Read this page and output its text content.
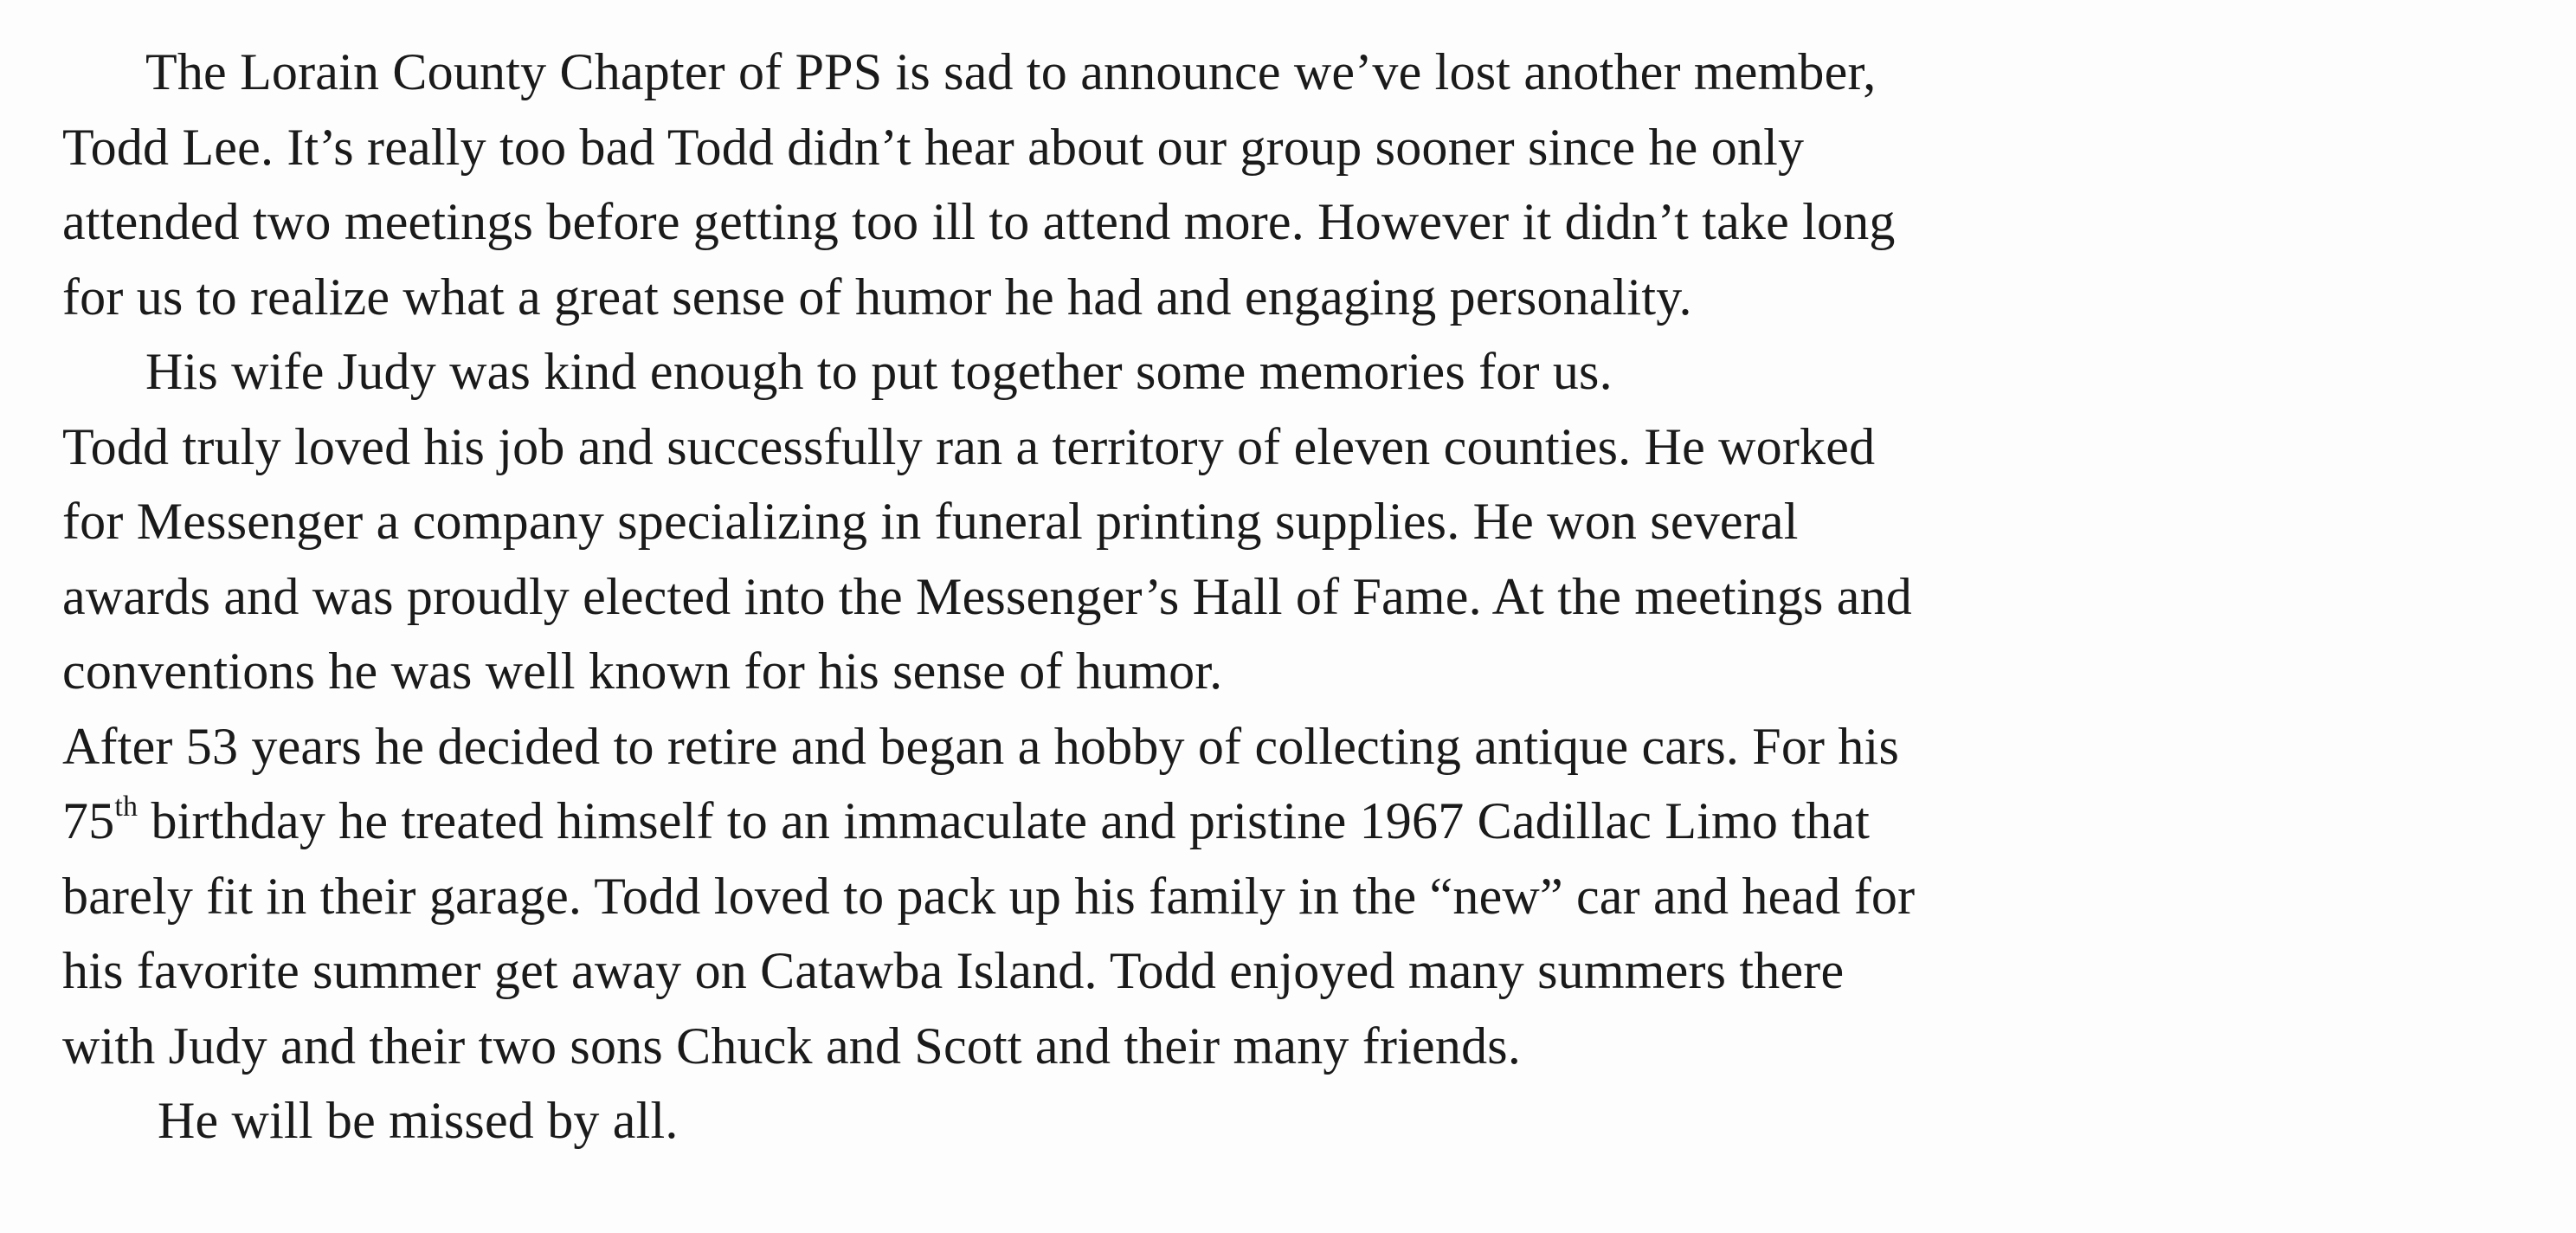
The Lorain County Chapter of PPS is sad to announce we’ve lost another member,
Todd Lee. It’s really too bad Todd didn’t hear about our group sooner since he only
attended two meetings before getting too ill to attend more. However it didn’t take long
for us to realize what a great sense of humor he had and engaging personality.
His wife Judy was kind enough to put together some memories for us.
Todd truly loved his job and successfully ran a territory of eleven counties. He worked
for Messenger a company specializing in funeral printing supplies. He won several
awards and was proudly elected into the Messenger’s Hall of Fame. At the meetings and
conventions he was well known for his sense of humor.
After 53 years he decided to retire and began a hobby of collecting antique cars. For his
75th birthday he treated himself to an immaculate and pristine 1967 Cadillac Limo that
barely fit in their garage. Todd loved to pack up his family in the “new” car and head for
his favorite summer get away on Catawba Island. Todd enjoyed many summers there
with Judy and their two sons Chuck and Scott and their many friends.
He will be missed by all.
